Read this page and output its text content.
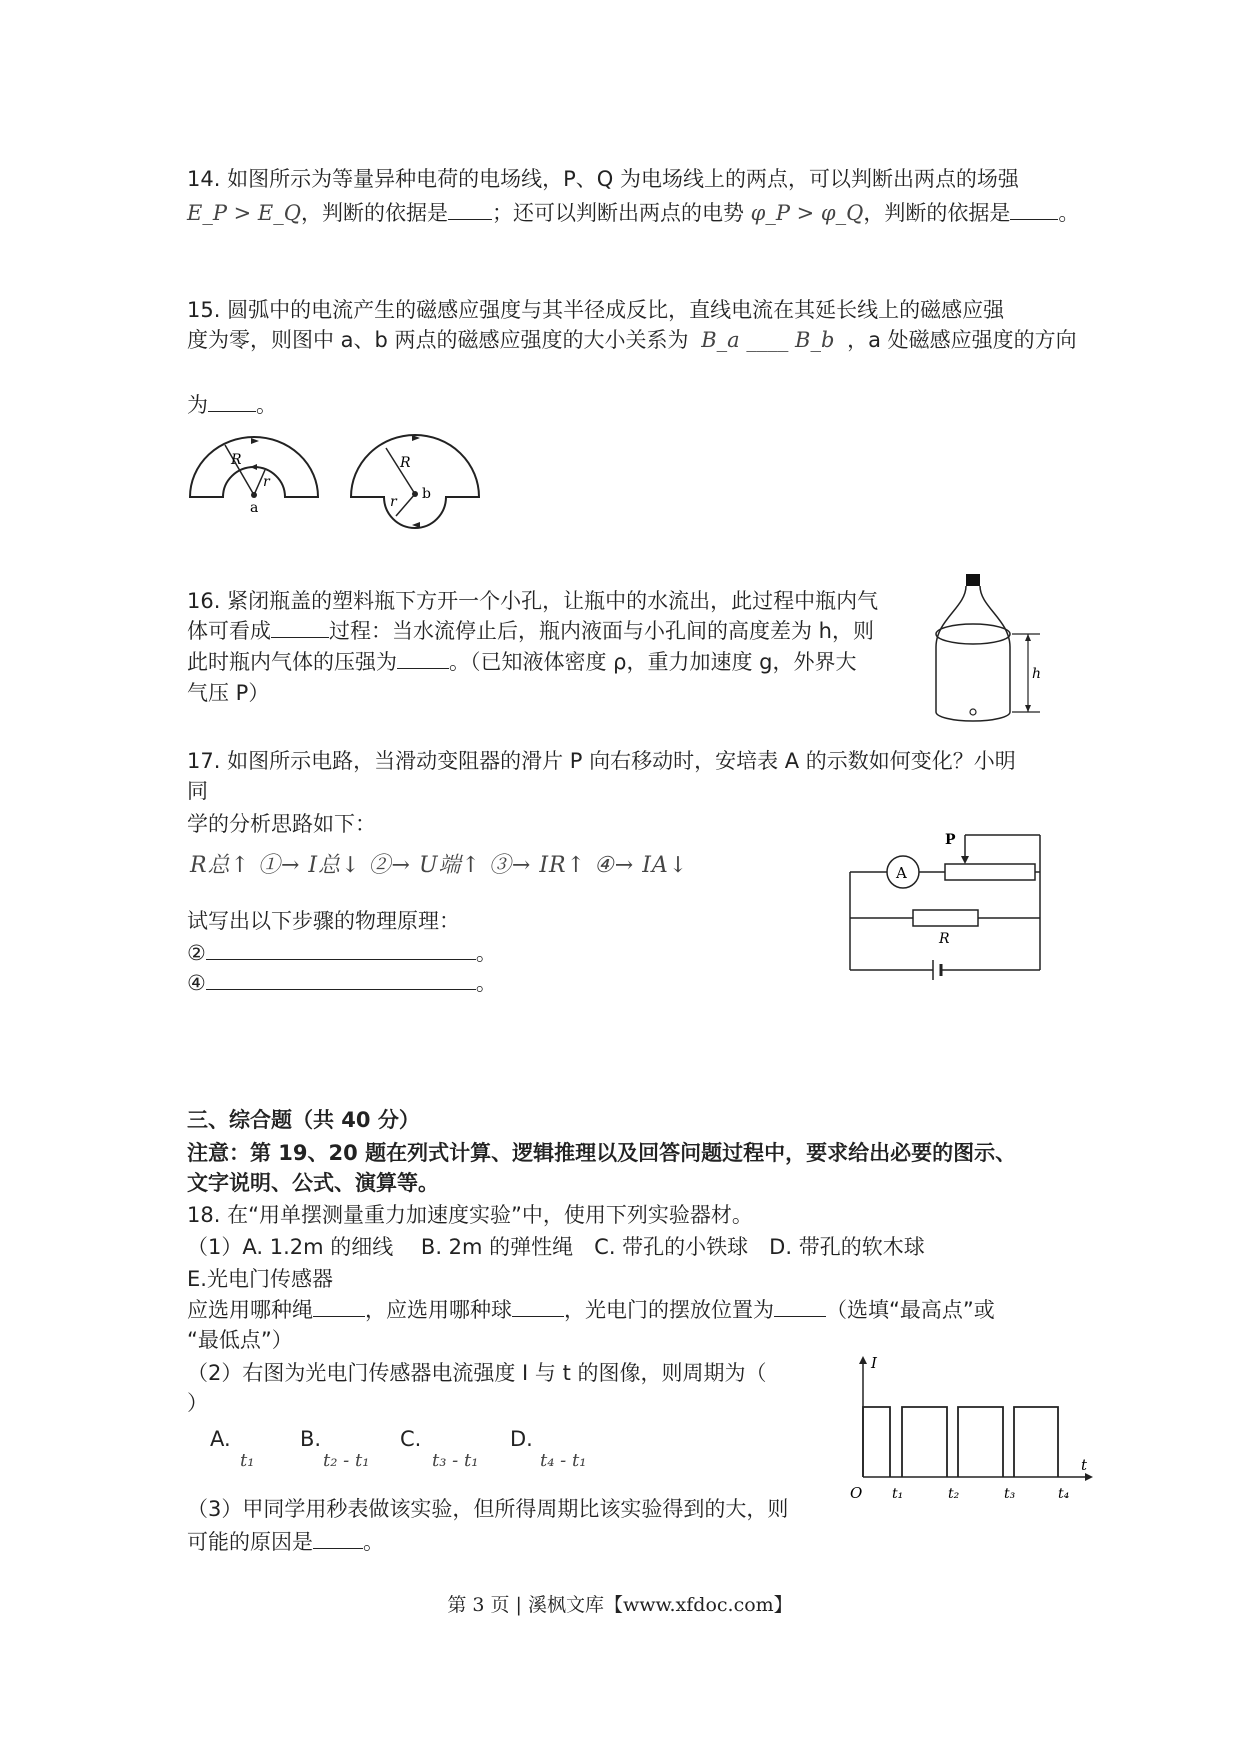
14. 如图所示为等量异种电荷的电场线，P、Q 为电场线上的两点，可以判断出两点的场强
E_P > E_Q，判断的依据是 ；还可以判断出两点的电势 φ_P > φ_Q，判断的依据是 。
15. 圆弧中的电流产生的磁感应强度与其半径成反比，直线电流在其延长线上的磁感应强
度为零，则图中 a、b 两点的磁感应强度的大小关系为 B_a ____ B_b ，a 处磁感应强度的方向
为 。
R
r
a
R
r b
16. 紧闭瓶盖的塑料瓶下方开一个小孔，让瓶中的水流出，此过程中瓶内气
体可看成	过程：当水流停止后，瓶内液面与小孔间的高度差为 h，则
此时瓶内气体的压强为 。（已知液体密度 ρ，重力加速度 g，外界大
气压 P）
h
17. 如图所示电路，当滑动变阻器的滑片 P 向右移动时，安培表 A 的示数如何变化？小明
同
学的分析思路如下：
R总↑ ①→ I总↓ ②→ U端↑ ③→ IR↑ ④→ IA↓
试写出以下步骤的物理原理：
②	。
④	。
A
P
R
三、综合题（共 40 分）
注意：第 19、20 题在列式计算、逻辑推理以及回答问题过程中，要求给出必要的图示、
文字说明、公式、演算等。
18. 在“用单摆测量重力加速度实验”中，使用下列实验器材。
（1）A. 1.2m 的细线　 B. 2m 的弹性绳　C. 带孔的小铁球　D. 带孔的软木球
E.光电门传感器
应选用哪种绳 ，应选用哪种球 ，光电门的摆放位置为 （选填“最高点”或
“最低点”）
（2）右图为光电门传感器电流强度 I 与 t 的图像，则周期为（
）
A.
t₁
B.
t₂ - t₁
C.
t₃ - t₁
D.
t₄ - t₁
（3）甲同学用秒表做该实验，但所得周期比该实验得到的大，则
可能的原因是 。
I
t
O t₁	t₂	t₃	t₄
第 3 页 | 溪枫文库【www.xfdoc.com】
